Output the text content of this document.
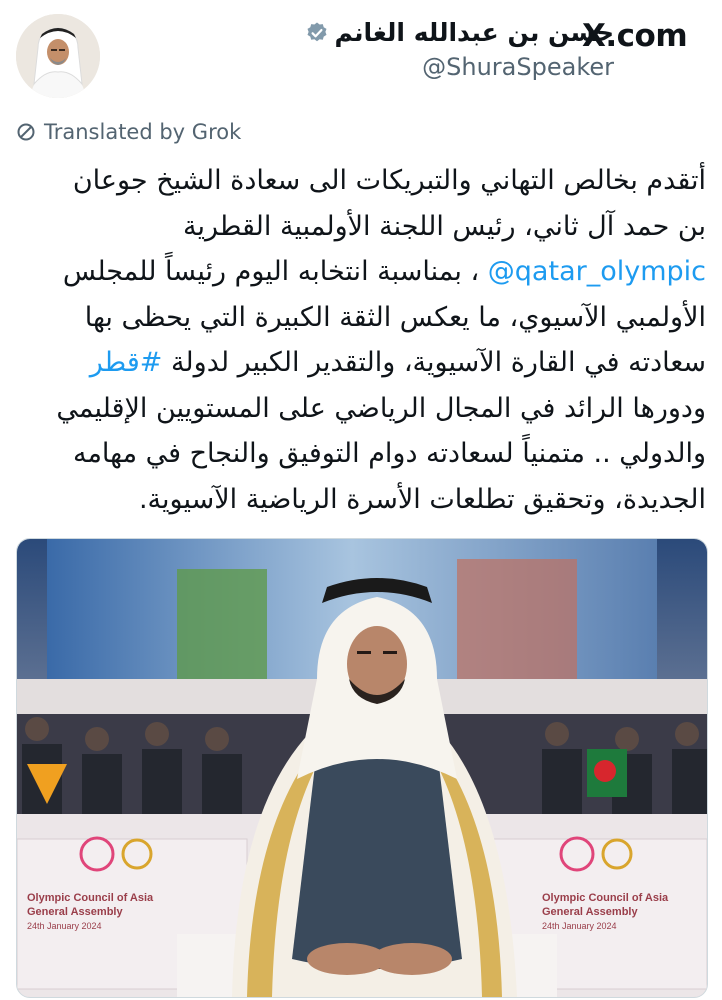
X.com
حسن بن عبدالله الغانم
@ShuraSpeaker
Translated by Grok
أتقدم بخالص التهاني والتبريكات الى سعادة الشيخ جوعان
بن حمد آل ثاني، رئيس اللجنة الأولمبية القطرية
@qatar_olympic ، بمناسبة انتخابه اليوم رئيساً للمجلس
الأولمبي الآسيوي، ما يعكس الثقة الكبيرة التي يحظى بها
سعادته في القارة الآسيوية، والتقدير الكبير لدولة #قطر
ودورها الرائد في المجال الرياضي على المستويين الإقليمي
والدولي .. متمنياً لسعادته دوام التوفيق والنجاح في مهامه
الجديدة، وتحقيق تطلعات الأسرة الرياضية الآسيوية.
Olympic Council of Asia
General Assembly
24th January 2024
Olympic Council of Asia
General Assembly
24th January 2024
